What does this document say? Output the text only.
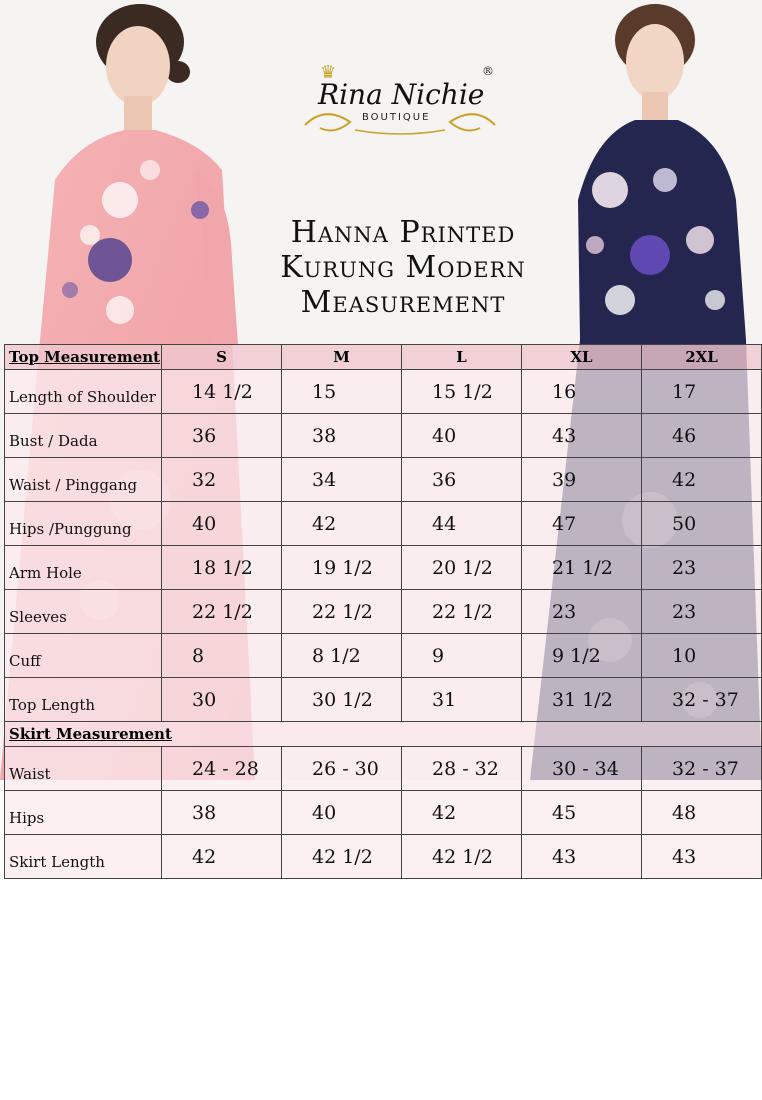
♛	®
Rina Nichie
BOUTIQUE
Hanna Printed
Kurung Modern
Measurement
Top Measurement	S	M	L	XL	2XL
Length of Shoulder	14 1/2	15	15 1/2	16	17
Bust / Dada	36	38	40	43	46
Waist / Pinggang	32	34	36	39	42
Hips /Punggung	40	42	44	47	50
Arm Hole	18 1/2	19 1/2	20 1/2	21 1/2	23
Sleeves	22 1/2	22 1/2	22 1/2	23	23
Cuff	8	8 1/2	9	9 1/2	10
Top Length	30	30 1/2	31	31 1/2	32 - 37
Skirt Measurement					
Waist	24 - 28	26 - 30	28 - 32	30 - 34	32 - 37
Hips	38	40	42	45	48
Skirt Length	42	42 1/2	42 1/2	43	43
